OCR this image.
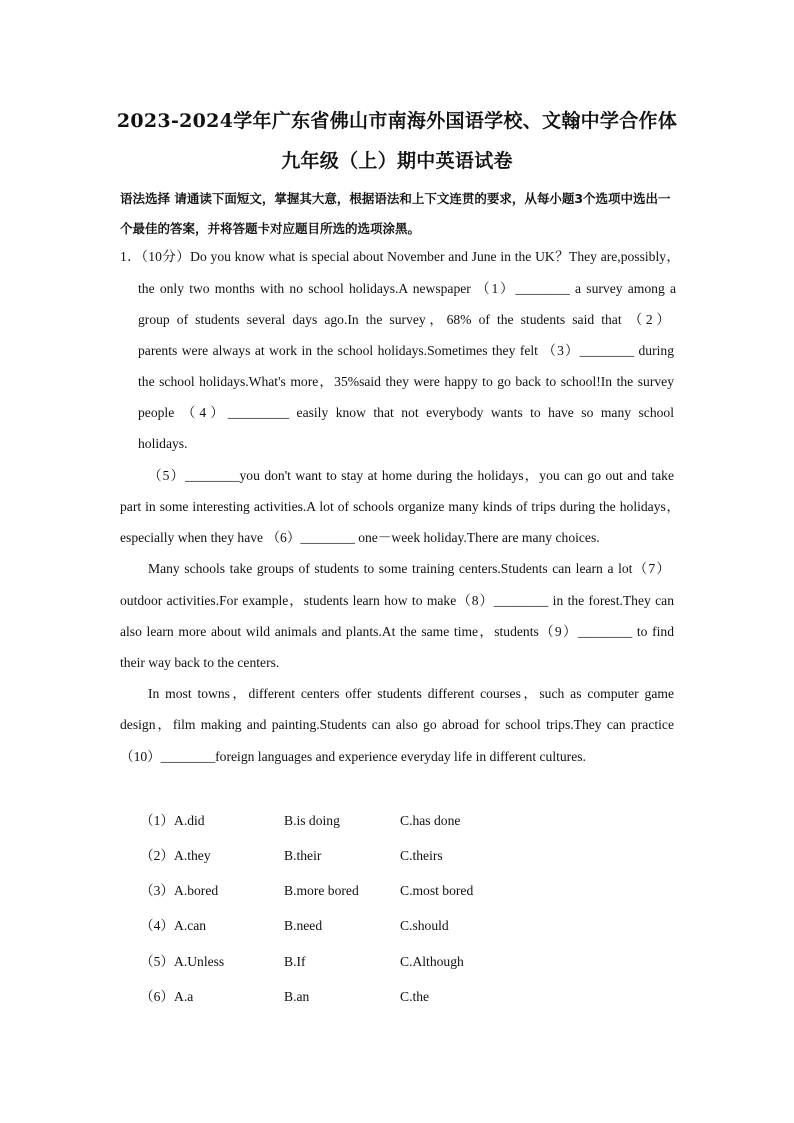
2023-2024学年广东省佛山市南海外国语学校、文翰中学合作体
九年级（上）期中英语试卷
语法选择 请通读下面短文，掌握其大意，根据语法和上下文连贯的要求，从每小题3个选项中选出一个最佳的答案，并将答题卡对应题目所选的选项涂黑。
1．（10分）Do you know what is special about November and June in the UK？They are,possibly，
the only two months with no school holidays.A newspaper （1）________ a survey among a
group of students several days ago.In the survey，68% of the students said that （2）
parents were always at work in the school holidays.Sometimes they felt （3）________ during
the school holidays.What's more，35%said they were happy to go back to school!In the survey
people （4）_________ easily know that not everybody wants to have so many school
holidays.
（5）________you don't want to stay at home during the holidays，you can go out and take
part in some interesting activities.A lot of schools organize many kinds of trips during the holidays，
especially when they have （6）________ one－week holiday.There are many choices.
Many schools take groups of students to some training centers.Students can learn a lot（7）
outdoor activities.For example，students learn how to make（8）________ in the forest.They can
also learn more about wild animals and plants.At the same time，students（9）________ to find
their way back to the centers.
In most towns，different centers offer students different courses，such as computer game
design，film making and painting.Students can also go abroad for school trips.They can practice
（10）________foreign languages and experience everyday life in different cultures.
（1） A.did	B.is doing	C.has done
（2） A.they	B.their	C.theirs
（3） A.bored	B.more bored	C.most bored
（4） A.can	B.need	C.should
（5） A.Unless	B.If	C.Although
（6） A.a	B.an	C.the
